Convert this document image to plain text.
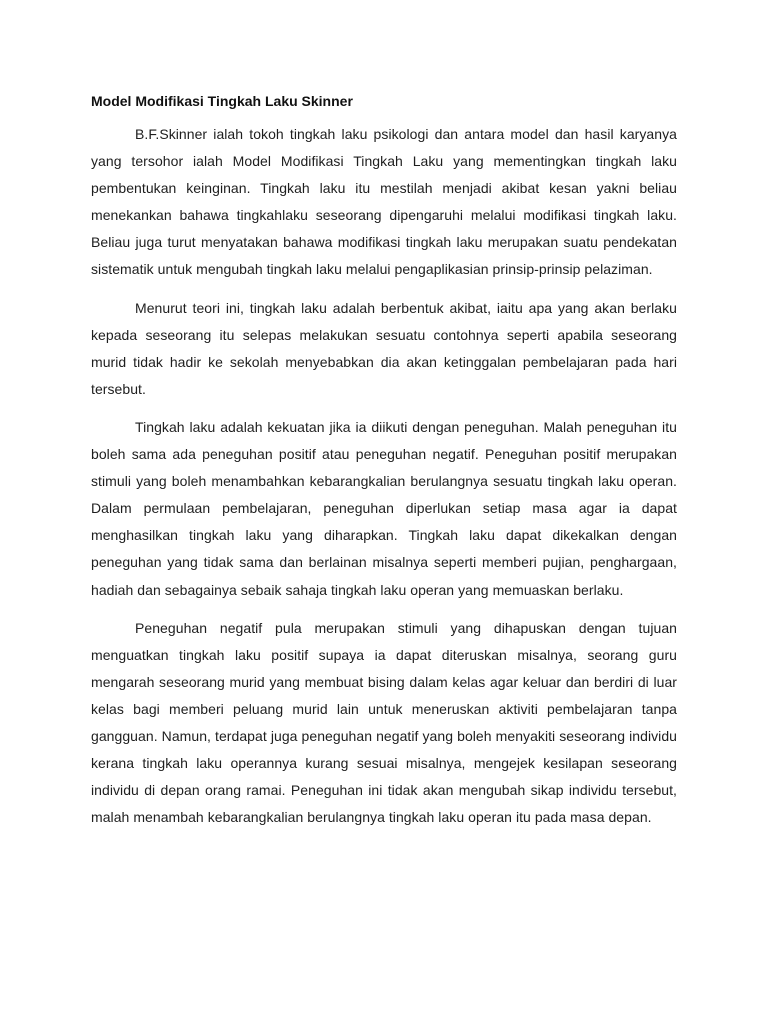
Model Modifikasi Tingkah Laku Skinner

B.F.Skinner ialah tokoh tingkah laku psikologi dan antara model dan hasil karyanya yang tersohor ialah Model Modifikasi Tingkah Laku yang mementingkan tingkah laku pembentukan keinginan. Tingkah laku itu mestilah menjadi akibat kesan yakni beliau menekankan bahawa tingkahlaku seseorang dipengaruhi melalui modifikasi tingkah laku. Beliau juga turut menyatakan bahawa modifikasi tingkah laku merupakan suatu pendekatan sistematik untuk mengubah tingkah laku melalui pengaplikasian prinsip-prinsip pelaziman.

Menurut teori ini, tingkah laku adalah berbentuk akibat, iaitu apa yang akan berlaku kepada seseorang itu selepas melakukan sesuatu contohnya seperti apabila seseorang murid tidak hadir ke sekolah menyebabkan dia akan ketinggalan pembelajaran pada hari tersebut.

Tingkah laku adalah kekuatan jika ia diikuti dengan peneguhan. Malah peneguhan itu boleh sama ada peneguhan positif atau peneguhan negatif. Peneguhan positif merupakan stimuli yang boleh menambahkan kebarangkalian berulangnya sesuatu tingkah laku operan. Dalam permulaan pembelajaran, peneguhan diperlukan setiap masa agar ia dapat menghasilkan tingkah laku yang diharapkan. Tingkah laku dapat dikekalkan dengan peneguhan yang tidak sama dan berlainan misalnya seperti memberi pujian, penghargaan, hadiah dan sebagainya sebaik sahaja tingkah laku operan yang memuaskan berlaku.

Peneguhan negatif pula merupakan stimuli yang dihapuskan dengan tujuan menguatkan tingkah laku positif supaya ia dapat diteruskan misalnya, seorang guru mengarah seseorang murid yang membuat bising dalam kelas agar keluar dan berdiri di luar kelas bagi memberi peluang murid lain untuk meneruskan aktiviti pembelajaran tanpa gangguan. Namun, terdapat juga peneguhan negatif yang boleh menyakiti seseorang individu kerana tingkah laku operannya kurang sesuai misalnya, mengejek kesilapan seseorang individu di depan orang ramai. Peneguhan ini tidak akan mengubah sikap individu tersebut, malah menambah kebarangkalian berulangnya tingkah laku operan itu pada masa depan.
